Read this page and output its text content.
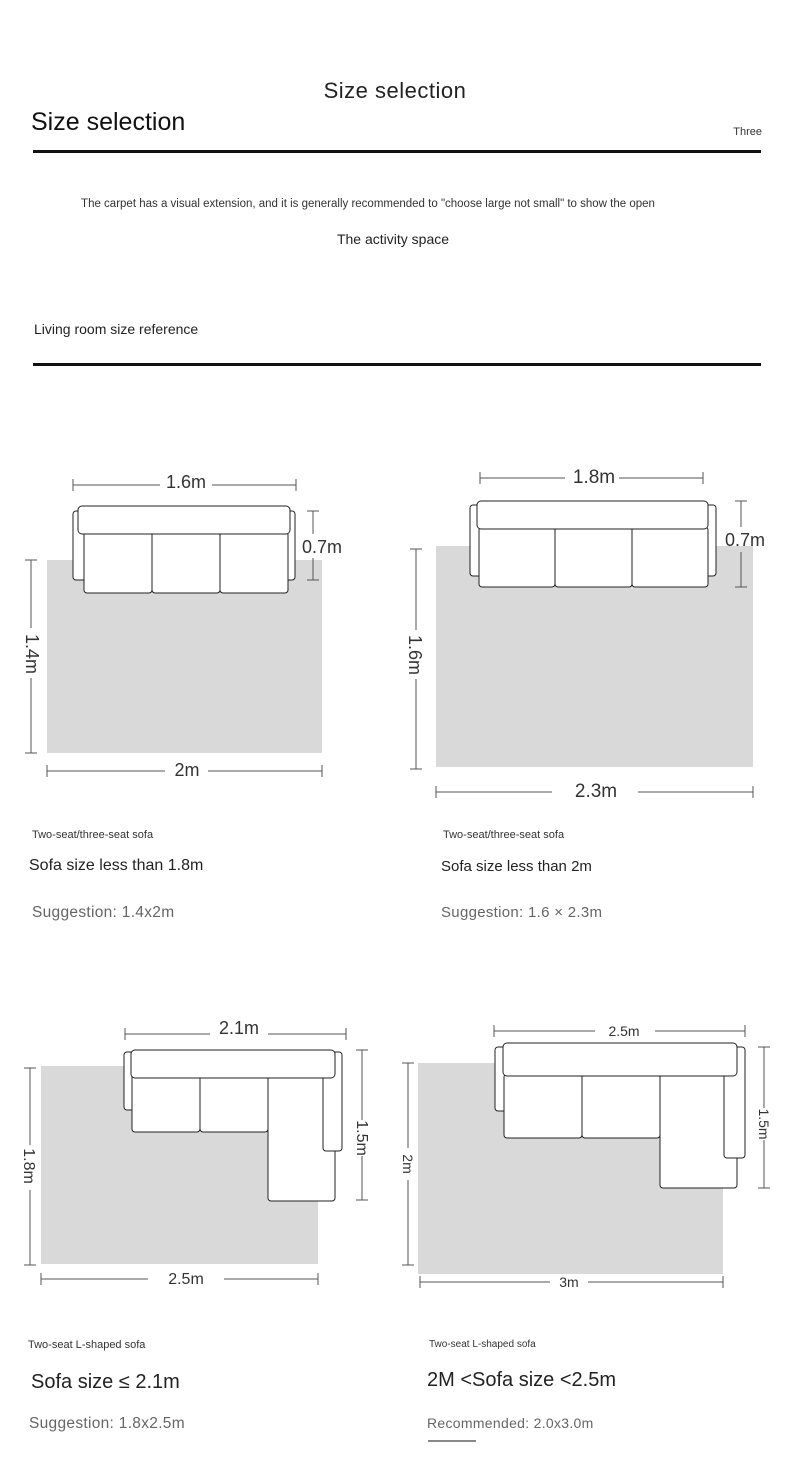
Size selection
Size selection	Three
The carpet has a visual extension, and it is generally recommended to "choose large not small" to show the open
The activity space
Living room size reference
1.6m
0.7m
1.4m
2m
Two-seat/three-seat sofa
Sofa size less than 1.8m
Suggestion: 1.4x2m
1.8m
0.7m
1.6m
2.3m
Two-seat/three-seat sofa
Sofa size less than 2m
Suggestion: 1.6 × 2.3m
2.1m
1.5m
1.8m
2.5m
Two-seat L-shaped sofa
Sofa size ≤ 2.1m
Suggestion: 1.8x2.5m
2.5m
1.5m
2m
3m
Two-seat L-shaped sofa
2M <Sofa size <2.5m
Recommended: 2.0x3.0m
